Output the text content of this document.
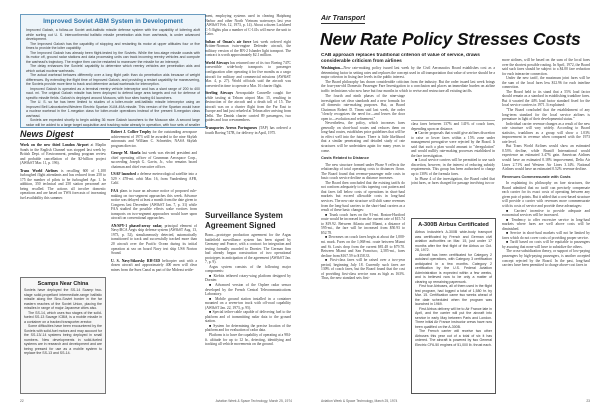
Improved Soviet ABM System in Development

Improved Galosh, a follow-on Soviet anti-ballistic missile defense system with the capability of loitering aloft while sorting out U. S. intercontinental ballistic missile penetration aids from warheads, is under advanced development.

The Improved Galosh has the capability of stopping and restarting its motor at upper altitudes four or five times to provide the loiter capability.

The Improved Galosh has already been flight-tested by the Soviets. While the two-stage missile coasts with its motor off, ground radar stations and data processing units can track incoming reentry vehicles and compute the warhead's trajectory. The engine then can be restarted to maneuver the missile for an intercept.

The delay enhances the Soviets' capability to determine which reentry vehicles are penetration aids and which actual nuclear warheads.

The actual warhead behaves differently over a long flight path than do penetration aids because of weight differences. By extending the flight time of Improved Galosh, and providing a restart capability for maneuvering, the Soviets provide more time to track and determine actual warheads for interception.

Improved Galosh is operated as a terminal reentry vehicle interceptor and has a slant range of 200 to 400 naut. mi. The original Galosh missile has been deployed to defend large area targets and not for defense of specific missile fields. Galosh is deployed around Moscow, with four sites having 64 launchers.

The U. S. so far has been limited to studies of a loiter-mode anti-ballistic missile interceptor using an improved Bell Laboratories/Western Electric Spartan XLIM-49A missile. This version of the Spartan would have a nuclear warhead in the 1-megaton class for loiter-mode operations instead of the present 5-megaton class warhead.

Soviets are expected shortly to begin adding 36 more Galosh launchers to the Moscow site. A second large radar will be added to a large target acquisition and tracking radar already in operation, with four sets of smaller

News Digest

Work on the new third London Airport at Maplin Sands in the English Channel was stopped last week by British Dept. of Environment, pending program review and probable cancellation of the $2-billion project (AW&ST Mar. 11, p. 196).

Trans World Airlines is recalling 600 of 1,100 furloughed flight attendants and has reduced from 250 to 175 the number of pilots to be furloughed Apr. 1. In addition, 350 technical and 250 station personnel are being recalled. The actions all involve domestic operations and are based on TWA forecasts of increasing fuel availability this summer.

Scamps Near China

Soviets have deployed the SS-14 Scamp two-stage solid-propellant intermediate-range ballistic missile along the Sino-Soviet border in the far eastern reaches of the Soviet Union, placing the missiles in range of major Japanese cities also.

The SS-14, which uses two stages of the solid-fueled SS-13 Savage ICBM, is a mobile missile in a container on a tracked transporter-erector.

Some difficulties have been encountered by the Soviets with solid-fuel motors and may account for the SS-13/-14 systems being deployed in small numbers. New developments in solid-fueled systems are in research and development and are being pressed for use as a mobile system to replace the SS-13 and SS-14.

Robert J. Collier Trophy for the outstanding aerospace achievement of 1973 will be awarded to the nine Skylab astronauts and William C. Schneider, NASA Skylab program director.

George M. Skurla last week was elected president and chief operating officer of Grumman Aerospace Corp., succeeding Joseph G. Gavin, Jr., who remains board chairman and chief executive officer.

USAF launched a defense meteorological satellite into a 529 × 478-mi. orbit Mar. 16, from Vandenberg AFB, Calif.

FAA plans to issue an advance notice of proposed rule-making on two-segment approaches this week. Advance notice was delayed at least a month from the date given to Congress last December (AW&ST Jan. 7, p. 31) while FAA studied the possible effects wake vortices from transports on two-segment approaches would have upon aircraft on conventional approaches.

AN/SPY-1 phased-array radar, principal element of Navy/RCA Aegis ship defense system (AW&ST Aug. 13, 1973, p. 52), simultaneously detected, automatically transitioned to track and successfully tracked more than 20 aircraft over the Pacific Ocean during its initial operation at sea on board Navy test ship USS Norton Sound.

U. S. Navy/Sikorsky RH-53D helicopter unit with a dozen aircraft and approximately 400 men will clear mines from the Suez Canal as part of the Mideast settle-

ment, employing systems used in clearing Haiphong Harbor and other North Vietnam waterways last year (AW&ST Feb. 12, 1973, p. 14). About a dozen Lockheed C-5 flights plus a number of C-141s will move the unit to Cairo.

Sultan of Oman's air force last week ordered eight Britten-Norman twin-engine Defender aircraft, the military version of the BN-2 Islander light transport. The contract is worth approximately $2.1 million.

World Airways has returned one of its two Boeing 747C convertible wide-body transports to passenger configuration after operating it for five months as a cargo aircraft for military and commercial missions (AW&ST Mar. 4, p. 27). World officials said the aircraft was converted in time to operate a Mar. 16 charter flight.

Sterling Airways Aerospatiale Caravelle caught fire while taxiing at Tehran airport Mar. 15, resulting in destruction of the aircraft and a death toll of 15. The aircraft was on a charter flight from the Far East to Europe and had just refueled at Tehran after arriving from Delhi. The Danish charter carried 89 passengers, two guides and four crewmembers.

Transportes Aereos Portugueses (TAP) has ordered a fourth Boeing 747B, for delivery in April, 1975.

Surveillance System Agreement Signed

Bonn—prototype production agreement for the Argus battlefield surveillance system has been signed by Germany and France, with a contract for integration and testing formally awarded to Dornier. The German firm had already begun construction of two operational prototypes in anticipation of the agreement (AW&ST Jan. 7, p. 9).

Argus system consists of the following major components:

■ Kiebitz tethered rotary-wing platform designed by Dornier.

■ Advanced version of the Orphee radar sensor developed by the French Central Telecommunications Laboratory.

■ Mobile ground station installed in a container mounted on a seven-ton truck with off-road capability (AW&ST Jan. 22, 1973, p. 95).

■ Special tether-cable capable of delivering fuel to the platform and of transmitting radar data to the ground station.

■ System for determining the precise location of the platform and for evaluation of radar data.

Platform is to have the capability of operating at a 984-ft. altitude for up to 12 hr., detecting, identifying and tracking all vehicle movements on the ground.

22	Aviation Week & Space Technology, March 25, 1974
Air Transport
New Rate Policy Stresses Costs
CAB approach replaces traditional criterion of value of service, draws considerable criticism from airlines

Washington—New rate-making policy issued last week by the Civil Aeronautics Board establishes cost as a determining factor in setting rates and replaces the concept used in all transportation that value of service should be a major criterion in fixing fare levels in the public interest.

The Board philosophy has drawn considerable criticism from the industry. But the order issued last week brings the four-year-old Domestic Passenger Fare Investigation to a conclusion and places an immediate burden on airline traffic technicians who now have but four months in which to revise and restructure all existing tariffs.

The fourth and ninth phases of the nine-stage investigation set clear standards and a new formula for all domestic rate-making purposes. But, as Board Chairman Robert D. Timm said last week, the order "clearly recognizes the need for—and leaves the door open to—evolution and refinement."

Nevertheless, the policy, which increases fares generally on short-haul routes and reduces them on long-haul routes, establishes price guidelines that will be in effect well into the future. There is little likelihood that a similar penetrating and detailed study of rate structures will be undertaken again for many years to come.

Costs Related to Distance

The new structure formed under Phase 9 reflects the relationship of total operating costs to distances flown. The Board found that revenue-passenger mile costs in basic coach service decline as distance increases.

The Board then concluded that the existing tariffs do not conform adequately to this tapering cost pattern and that fares fall below costs of operations in short-haul markets but exceed allowable costs in long-haul services. The new rate structure will shift some revenues from the long-haul carriers to the short-haul carriers as a result of these basic changes:

■ Trunk coach fares on the 91-mi. Boston-Hartford route would be increased from the current rate of $15.74 to $19.92. Between Atlanta and Miami, a distance of 595-mi., the fare will be increased from $50.93 to $52.78.

■ Decreases on coach fares begin at about the 1,000-mi. mark. Fares on the 1,068-mi. route between Miami and St. Louis drop from the current $81.48 to $79.70. Between Miami and San Francisco, 2,585-mi., fares decline from $167.59 to $158.33.

■ First-class fares will be raised over a two-year period, beginning July 18. Currently such fares are 130% of coach fares, but the Board found that the cost of providing first-class service runs as high as 163%. Thus, the new standard sets first-

class fares between 137% and 141% of coach fares, depending upon on distance.

■ Carrier proposals that would give airlines discretion to raise or lower fares within a 15% zone under management prerogative were rejected by the Board. It said that such a plan would amount to "deregulation" and would nullify rate-making processes established in the fare investigation.

■ Local service carriers will be permitted to use such discretion, however, in the interest of reducing subsidy requirements. This group has been authorized to charge up to 130% of the formula fares.

In Phase 4 of the investigation, the Board ruled that joint fares, or fares charged for passage involving two or

A-300B Airbus Certificated

Airbus Industrie's A-300B wide-body transport was certificated by French and German civil aviation authorities on Mar. 15, just under 17 months after the first flight of the Airbus on Oct. 28, 1972.

Aircraft has been certificated for Category 2 autoland operations, with Category 3 certification anticipated in a few months. Category 2 certification by the U.S. Federal Aviation Administration is expected within a few weeks, and is believed now to be only a matter of clearing up remaining paperwork.

First four Airbuses, all of them used in the flight test program, had logged a total of 1,580 hr. by Mar. 15. Certification came two weeks ahead of the date scheduled when the program was launched in 1969.

First Airbus delivery will be to Air France late in April, and the carrier will put the aircraft into service in early May between Paris and London. Three initial Air France instructor crews have now been qualified on the A-300B.

The French carrier will receive two other Airbuses this year out of a total of six it has ordered. The aircraft is powered by two General Electric CF6-50 engines of 51,000 lb. thrust each.

more airlines, will be based on the sum of the local fares over the shortest possible routing. In April, 1972, the Board said such fares should be subject to a $4.00 fare reduction for each interarrier connection.

Under the new tariff, the maximum joint fares will be the sum of the local fares less $12.96 for each interline connection.

The Board held to its stand that a 55% load factor should remain as a standard in establishing trunkline fares. But it vacated the 44% load factor standard fixed for the local service carriers in 1971. It explained:

"The Board concluded that the establishment of any long-term standard for the local service airlines is premature in light of their developmental status."

Individual carrier revenue changes as a result of the new rate structure will vary widely. According to Board statistics, trunklines as a group will show a 1.03% improvement in revenue when compared with the 1973 rate level.

But Trans World Airlines would show an estimated 0.53% decline, while Braniff International would experience an estimated 3.47% gain. American Airlines would have an estimated 0.18% improvement, Delta Air Lines 2.71% and Western Air Lines 3.14%. National Airlines would have an estimated 0.52% revenue decline.

Revenues Commensurate with Costs

In explaining its philosophy on fare structures, the Board admitted that no tariff can precisely compensate each carrier for its exact costs of operating between any given pair of points. But it added that a cost-based structure will provide a carrier with revenues more commensurate with its costs of service and provide these advantages:

■ Carriers' incentive to provide adequate and economical services will be increased.

■ Tendency to offer excessive service in long-haul markets where fares are well above costs will be diminished.

■ Service in short-haul markets will not be limited by fares which do not cover costs of providing proper service.

■ Tariff based on costs will be equitable to passengers by assuring that none will have to subsidize the others.

The cross-subsidization theory, or support of low-paying passengers by high-paying passengers, is another accepted concept rejected by the Board. In the past, long-haul carriers have been permitted to charge above-cost fares in

Aviation Week & Space Technology, March 25, 1974	23
